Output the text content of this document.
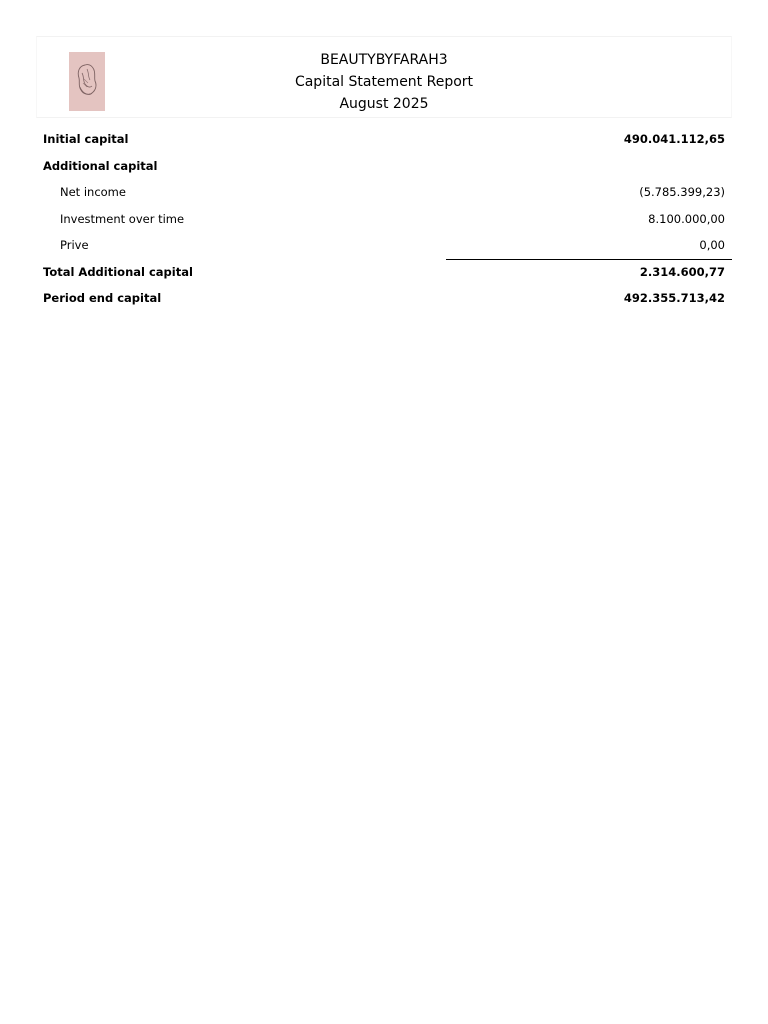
BEAUTYBYFARAH3
Capital Statement Report
August 2025
Initial capital	490.041.112,65
Additional capital
Net income	(5.785.399,23)
Investment over time	8.100.000,00
Prive	0,00
Total Additional capital	2.314.600,77
Period end capital	492.355.713,42
